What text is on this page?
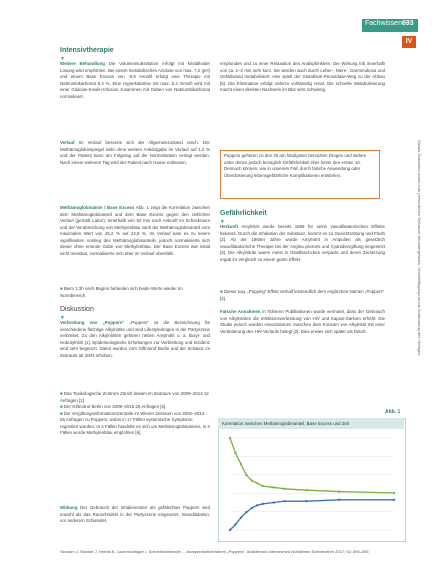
Fachwissen 693
IV
Intensivtherapie
▼
Weitere Behandlung Die Volumensubstitution erfolgt mit kristalloider Lösung wird empfohlen. Bei einem metabolischen Azidose von max. 7,2 (pH) und einem Base Excess von -9,8 mmol/l erfolgt eine Therapie mit Natriumbikarbonat 8,4 %. Eine Hyperkaliämie mit max. 6,2 mmol/l wird mit einer Glukose-Insulin-Infusion zusammen mit Gaben von Natriumbikarbonat normalisiert.
Verlauf Im Verlauf besserte sich der Allgemeinzustand rasch. Der Methämoglobinspiegel sinkt ohne weitere Antidotgabe im Verlauf auf 1,2 % und der Patient kann am Folgetag auf die Normalstation verlegt werden. Nach einem weiteren Tag wird der Patient nach Hause entlassen.
Methämoglobinämie / Base Excess Abb. 1 zeigt die Korrelation zwischen dem Methämoglobinanteil und dem Base Excess gegen den zeitlichen Verlauf (gemäß Labor). Innerhalb von 53 min nach Ankunft im Schockraum und der Verabreichung von Methylenblau sank der Methämoglobinanteil vom maximalen Wert von 45,2 % auf 22,8 %. Im Verlauf kam es zu einem signifikanten Anstieg des Methämoglobinanteils, jedoch normalisierte sich dieser ohne erneute Gabe von Methylenblau. Der Base Excess war initial nicht messbar, normalisierte sich aber im Verlauf ebenfalls.
■ Beim 1:3h nach Beginn befanden sich beide Werte wieder im Normbereich.
Diskussion
▼
Verbreitung von „Poppers“ „Poppers“ ist die Bezeichnung für verschiedene flüchtige Alkylnitrite und sind Lifestyledrogen in der Partyszene verbreitet. Zu den Alkylnitriten gehören neben Amylnitrit u. a. Butyl- und Isobutylnitrit [1]. Epidemiologische Erhebungen zur Verbreitung und Inzidenz sind sehr begrenzt. Daten wurden vom Giftnotruf Berlin und der Schweiz im Zeitraum ab 2003 erhoben.
■ Das Toxikologische Zentrum Zürich bekam im Zeitraum von 2009–2014 12 Anfragen [2].
■ Der Giftnotruf Berlin von 2009–2015 25 Anfragen [6].
■ Die Vergiftungsinformationszentrale im Wiener Zeitraum von 2002–2014 55 Anfragen zu Poppers, wobei in 17 Fällen systemische Symptome registriert wurden. In 4 Fällen handelte es sich um Methämoglobinämien, in 3 Fällen wurde Methylenblau empfohlen [6].
Wirkung Der Gebrauch der Inhalierenden als gefälschtes Poppers wird sowohl als das Rauschmittel in der Partyszene eingesetzt. Vasodilatation, vor anderem Schwindel,
empfunden und zu einer Relaxation des Analsphinkters. Die Wirkung tritt innerhalb von ca. 1–2 min sehr kurz. Sie werden auch durch Leber-, Niere-, Darmmukosa und Gefäßwand metabolisiert. Hier spielt der Glutathion-Peroxidase-Weg zu der Abbau [5]. Die Elimination erfolgt nahezu vollständig renal. Die schnelle Metabolisierung macht einen direkten Nachweis im Blut sehr schwierig.
Poppers gehören zu den 30 am häufigsten benutzten Drogen und stehen unter denen jedoch bezüglich Gefährlichkeit eher hinter den ersten 10. Dennoch können, wie in unserem Fall, durch falsche Anwendung oder Überdosierung lebensgefährliche Komplikationen entstehen.
Gefährlichkeit
▼
Herkunft Amylnitrit wurde bereits 1859 für seine vasodilatatorischen Effekte bekannt. Durch die Inhalation der Substanz, kommt es zu Gesichtsrötung und Flush [2]. Ab der 1960er Jahre wurde Amylnitrit in Ampullen als gesetzlich vasodilatatorische Therapie bei der Angina pectoris und Cyanidvergiftung eingesetzt [3]. Die Alkylnitrite waren meist in Glasfläschchen verpackt und deren Zersetzung ergab im Vergleich zu einem guten Effekt.
■ Dieser sog. „Popping“ Effekt verhalf letztendlich dem englischen Namen „Poppers“ [2].
Falsche Annahmen In früheren Publikationen wurde vermutet, dass der Gebrauch von Alkylnitriten die Infektionsverbreitung von HIV und Kaposi-Sarkom erhöht. Die Studie jedoch wurden Assoziationen zwischen dem Konsum von Alkylnitrit mit einer Veränderung des HIV-Verlaufs belegt [2]. Dies erwies sich später als falsch.
Abb. 1
Korrelation zwischen Methämoglobinanteil, Base Excess und Zeit
Dieses Dokument wurde zum persönlichen Gebrauch heruntergeladen. Vervielfältigung nur mit Zustimmung des Verlages.
Seckarn J, Stöcker J, Herbst K, Lautenschläger I, Schnellewirkender ... Analysenheilverfahren „Poppers“. Anästhesiol Intensivmed Notfallmed Schmerzther 2017; 52: 690–696
